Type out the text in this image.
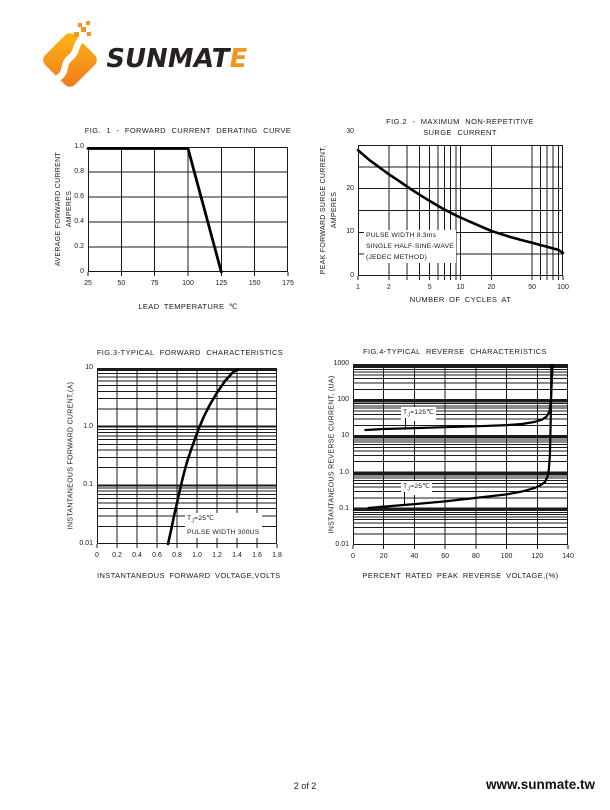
SUNMATE
FIG. 1 - FORWARD CURRENT DERATING CURVE
AVERAGE FORWARD CURRENT AMPERES
LEAD TEMPERATURE ℃
FIG.2 - MAXIMUM NON-REPETITIVE
SURGE CURRENT
PEAK FORWARD SURGE CURRENT, AMPERES
PULSE WIDTH 8.3ms
SINGLE HALF-SINE-WAVE
(JEDEC METHOD)
NUMBER OF CYCLES AT
FIG.3-TYPICAL FORWARD CHARACTERISTICS
INSTANTANEOUS FORWARD CURENT,(A)	$T_J=25℃$
PULSE WIDTH 300US
INSTANTANEOUS FORWARD VOLTAGE,VOLTS
FIG.4-TYPICAL REVERSE CHARACTERISTICS
INSTANTANEOUS REVERSE CURRENT, (UA)	$T_J=125℃$
$T_J=25℃$
PERCENT RATED PEAK REVERSE VOLTAGE,(%)
2 of 2	www.sunmate.tw
25	50	75	100	125	150	175
0
0.2
0.4
0.6
0.8
1.0
1	2	5	10	20	50	100
0
10
20
30
0	0.2	0.4	0.6	0.8	1.0	1.2	1.4	1.6	1.8
0.01
0.1
1.0
10
0	20	40	60	80	100	120	140
0.01
0.1
1.0
10
100
1000
